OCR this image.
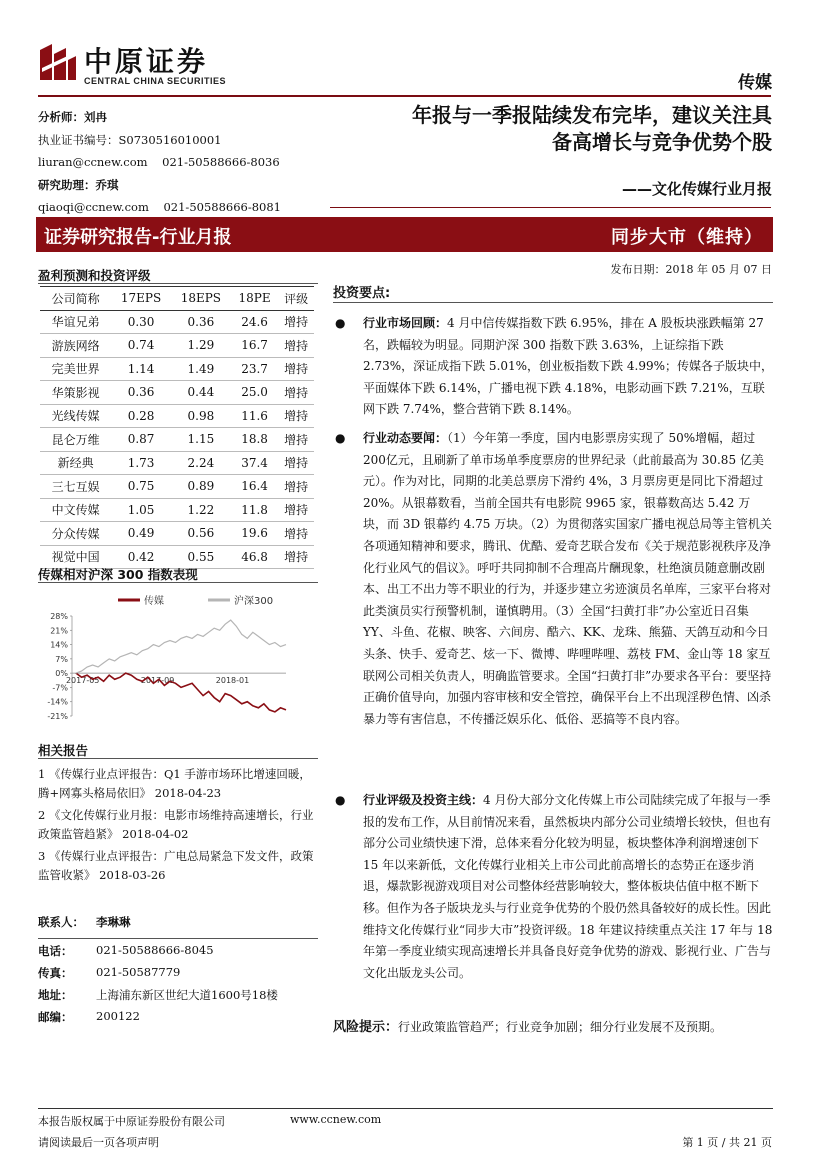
中原证券
CENTRAL CHINA SECURITIES	传媒
分析师：刘冉
执业证书编号：S0730516010001
liuran@ccnew.com    021-50588666-8036
研究助理：乔琪
qiaoqi@ccnew.com    021-50588666-8081
年报与一季报陆续发布完毕，建议关注具
备高增长与竞争优势个股
——文化传媒行业月报
证券研究报告-行业月报	同步大市（维持）
发布日期：2018 年 05 月 07 日
盈利预测和投资评级
公司简称	17EPS	18EPS	18PE	评级
华谊兄弟	0.30	0.36	24.6	增持
游族网络	0.74	1.29	16.7	增持
完美世界	1.14	1.49	23.7	增持
华策影视	0.36	0.44	25.0	增持
光线传媒	0.28	0.98	11.6	增持
昆仑万维	0.87	1.15	18.8	增持
新经典	1.73	2.24	37.4	增持
三七互娱	0.75	0.89	16.4	增持
中文传媒	1.05	1.22	11.8	增持
分众传媒	0.49	0.56	19.6	增持
视觉中国	0.42	0.55	46.8	增持
传媒相对沪深 300 指数表现
传媒	沪深300
28%
21%
14%
7%
0%
-7%
-14%
-21%
2017-05	2017-09	2018-01
相关报告
1 《传媒行业点评报告：Q1 手游市场环比增速回暖，腾+网寡头格局依旧》 2018-04-23
2 《文化传媒行业月报：电影市场维持高速增长，行业政策监管趋紧》 2018-04-02
3 《传媒行业点评报告：广电总局紧急下发文件，政策监管收紧》 2018-03-26
联系人： 李琳琳
电话： 021-50588666-8045
传真： 021-50587779
地址： 上海浦东新区世纪大道1600号18楼
邮编： 200122
投资要点:
● 行业市场回顾：4 月中信传媒指数下跌 6.95%，排在 A 股板块涨跌幅第 27 名，跌幅较为明显。同期沪深 300 指数下跌 3.63%，上证综指下跌 2.73%，深证成指下跌 5.01%，创业板指数下跌 4.99%；传媒各子版块中，平面媒体下跌 6.14%，广播电视下跌 4.18%，电影动画下跌 7.21%，互联网下跌 7.74%，整合营销下跌 8.14%。
● 行业动态要闻：（1）今年第一季度，国内电影票房实现了 50%增幅，超过 200亿元，且刷新了单市场单季度票房的世界纪录（此前最高为 30.85 亿美元）。作为对比，同期的北美总票房下滑约 4%，3 月票房更是同比下滑超过 20%。从银幕数看，当前全国共有电影院 9965 家，银幕数高达 5.42 万块，而 3D 银幕约 4.75 万块。（2）为贯彻落实国家广播电视总局等主管机关各项通知精神和要求，腾讯、优酷、爱奇艺联合发布《关于规范影视秩序及净化行业风气的倡议》。呼吁共同抑制不合理高片酬现象，杜绝演员随意删改剧本、出工不出力等不职业的行为，并逐步建立劣迹演员名单库，三家平台将对此类演员实行预警机制，谨慎聘用。（3）全国“扫黄打非”办公室近日召集 YY、斗鱼、花椒、映客、六间房、酷六、KK、龙珠、熊猫、天鸽互动和今日头条、快手、爱奇艺、炫一下、微博、哔哩哔哩、荔枝 FM、金山等 18 家互联网公司相关负责人，明确监管要求。全国“扫黄打非”办要求各平台：要坚持正确价值导向，加强内容审核和安全管控，确保平台上不出现淫秽色情、凶杀暴力等有害信息，不传播泛娱乐化、低俗、恶搞等不良内容。
● 行业评级及投资主线：4 月份大部分文化传媒上市公司陆续完成了年报与一季报的发布工作，从目前情况来看，虽然板块内部分公司业绩增长较快，但也有部分公司业绩快速下滑，总体来看分化较为明显，板块整体净利润增速创下 15 年以来新低，文化传媒行业相关上市公司此前高增长的态势正在逐步消退，爆款影视游戏项目对公司整体经营影响较大，整体板块估值中枢不断下移。但作为各子版块龙头与行业竞争优势的个股仍然具备较好的成长性。因此维持文化传媒行业“同步大市”投资评级。18 年建议持续重点关注 17 年与 18 年第一季度业绩实现高速增长并具备良好竞争优势的游戏、影视行业、广告与文化出版龙头公司。
风险提示：行业政策监管趋严；行业竞争加剧；细分行业发展不及预期。
本报告版权属于中原证券股份有限公司	www.ccnew.com
请阅读最后一页各项声明	第 1 页 / 共 21 页
